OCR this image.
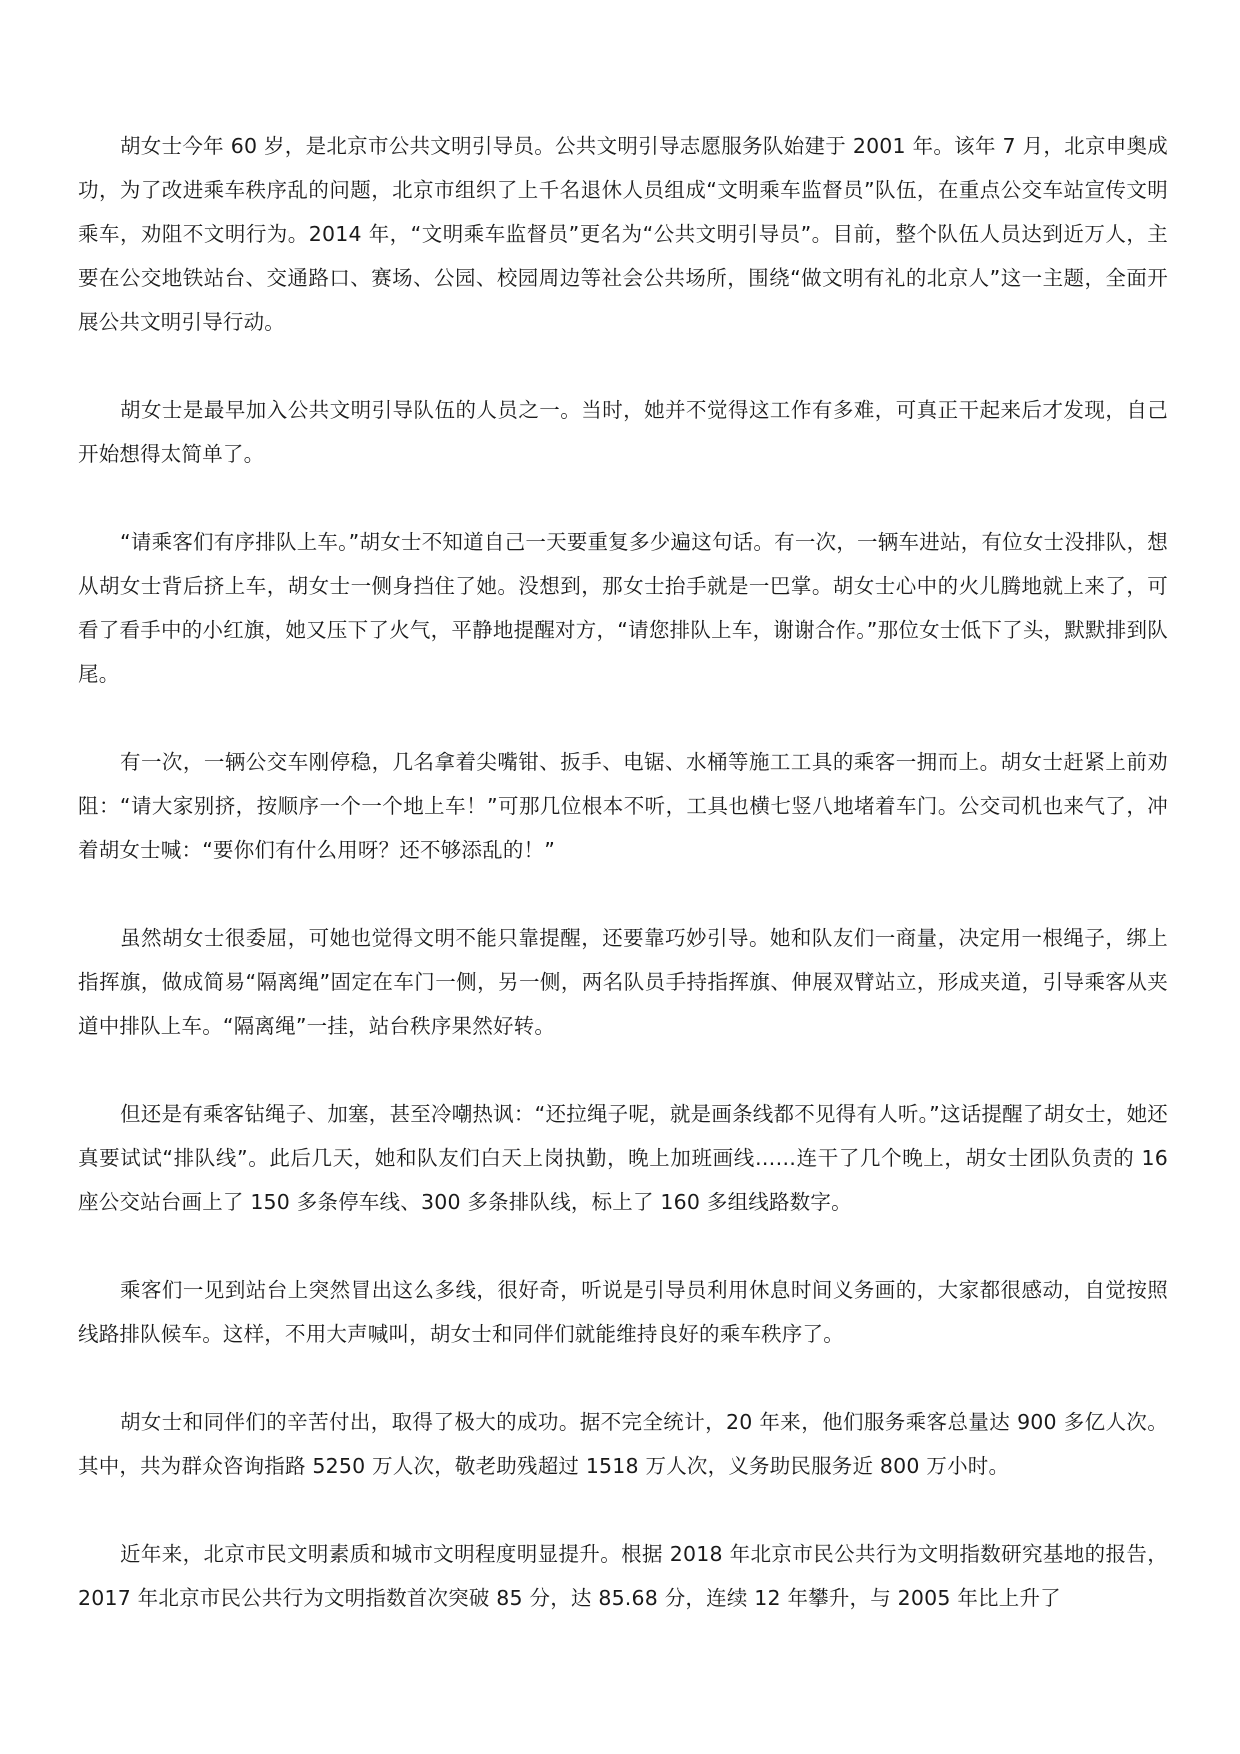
胡女士今年 60 岁，是北京市公共文明引导员。公共文明引导志愿服务队始建于 2001 年。该年 7 月，北京申奥成功，为了改进乘车秩序乱的问题，北京市组织了上千名退休人员组成“文明乘车监督员”队伍，在重点公交车站宣传文明乘车，劝阻不文明行为。2014 年，“文明乘车监督员”更名为“公共文明引导员”。目前，整个队伍人员达到近万人，主要在公交地铁站台、交通路口、赛场、公园、校园周边等社会公共场所，围绕“做文明有礼的北京人”这一主题，全面开展公共文明引导行动。

胡女士是最早加入公共文明引导队伍的人员之一。当时，她并不觉得这工作有多难，可真正干起来后才发现，自己开始想得太简单了。

“请乘客们有序排队上车。”胡女士不知道自己一天要重复多少遍这句话。有一次，一辆车进站，有位女士没排队，想从胡女士背后挤上车，胡女士一侧身挡住了她。没想到，那女士抬手就是一巴掌。胡女士心中的火儿腾地就上来了，可看了看手中的小红旗，她又压下了火气，平静地提醒对方，“请您排队上车，谢谢合作。”那位女士低下了头，默默排到队尾。

有一次，一辆公交车刚停稳，几名拿着尖嘴钳、扳手、电锯、水桶等施工工具的乘客一拥而上。胡女士赶紧上前劝阻：“请大家别挤，按顺序一个一个地上车！”可那几位根本不听，工具也横七竖八地堵着车门。公交司机也来气了，冲着胡女士喊：“要你们有什么用呀？还不够添乱的！”

虽然胡女士很委屈，可她也觉得文明不能只靠提醒，还要靠巧妙引导。她和队友们一商量，决定用一根绳子，绑上指挥旗，做成简易“隔离绳”固定在车门一侧，另一侧，两名队员手持指挥旗、伸展双臂站立，形成夹道，引导乘客从夹道中排队上车。“隔离绳”一挂，站台秩序果然好转。

但还是有乘客钻绳子、加塞，甚至冷嘲热讽：“还拉绳子呢，就是画条线都不见得有人听。”这话提醒了胡女士，她还真要试试“排队线”。此后几天，她和队友们白天上岗执勤，晚上加班画线……连干了几个晚上，胡女士团队负责的 16 座公交站台画上了 150 多条停车线、300 多条排队线，标上了 160 多组线路数字。

乘客们一见到站台上突然冒出这么多线，很好奇，听说是引导员利用休息时间义务画的，大家都很感动，自觉按照线路排队候车。这样，不用大声喊叫，胡女士和同伴们就能维持良好的乘车秩序了。

胡女士和同伴们的辛苦付出，取得了极大的成功。据不完全统计，20 年来，他们服务乘客总量达 900 多亿人次。其中，共为群众咨询指路 5250 万人次，敬老助残超过 1518 万人次，义务助民服务近 800 万小时。

近年来，北京市民文明素质和城市文明程度明显提升。根据 2018 年北京市民公共行为文明指数研究基地的报告，2017 年北京市民公共行为文明指数首次突破 85 分，达 85.68 分，连续 12 年攀升，与 2005 年比上升了
